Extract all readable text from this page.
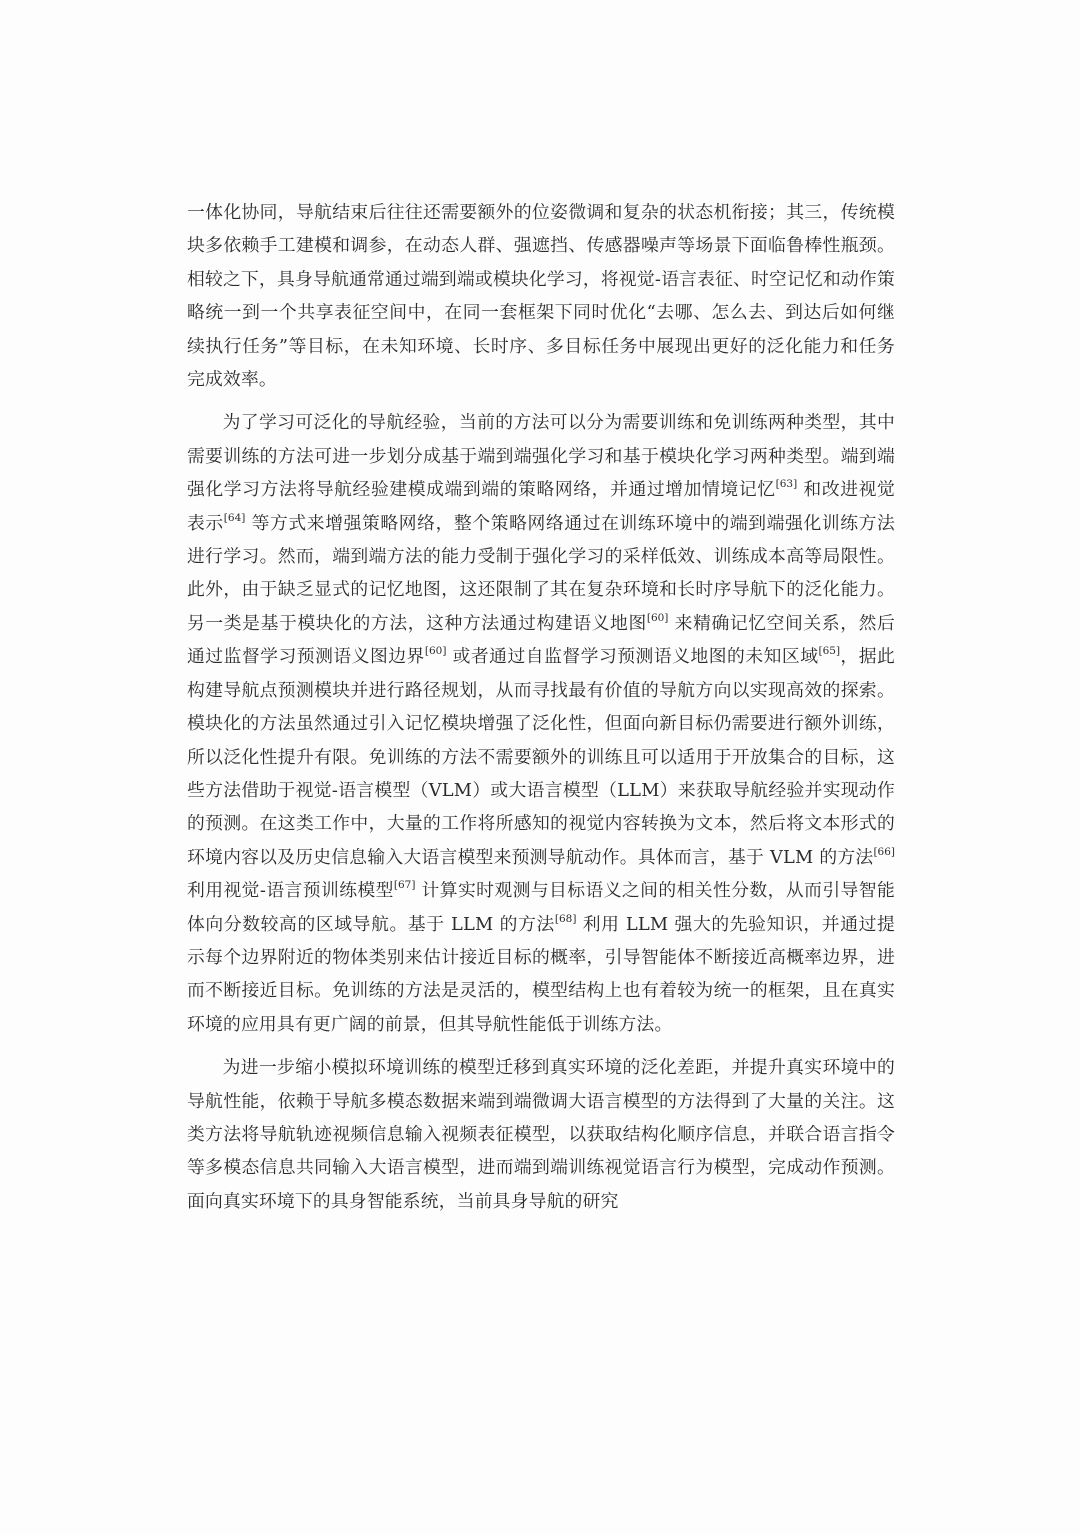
一体化协同，导航结束后往往还需要额外的位姿微调和复杂的状态机衔接；其三，传统模块多依赖手工建模和调参，在动态人群、强遮挡、传感器噪声等场景下面临鲁棒性瓶颈。相较之下，具身导航通常通过端到端或模块化学习，将视觉-语言表征、时空记忆和动作策略统一到一个共享表征空间中，在同一套框架下同时优化“去哪、怎么去、到达后如何继续执行任务”等目标，在未知环境、长时序、多目标任务中展现出更好的泛化能力和任务完成效率。

为了学习可泛化的导航经验，当前的方法可以分为需要训练和免训练两种类型，其中需要训练的方法可进一步划分成基于端到端强化学习和基于模块化学习两种类型。端到端强化学习方法将导航经验建模成端到端的策略网络，并通过增加情境记忆[63] 和改进视觉表示[64] 等方式来增强策略网络，整个策略网络通过在训练环境中的端到端强化训练方法进行学习。然而，端到端方法的能力受制于强化学习的采样低效、训练成本高等局限性。此外，由于缺乏显式的记忆地图，这还限制了其在复杂环境和长时序导航下的泛化能力。另一类是基于模块化的方法，这种方法通过构建语义地图[60] 来精确记忆空间关系，然后通过监督学习预测语义图边界[60] 或者通过自监督学习预测语义地图的未知区域[65]，据此构建导航点预测模块并进行路径规划，从而寻找最有价值的导航方向以实现高效的探索。模块化的方法虽然通过引入记忆模块增强了泛化性，但面向新目标仍需要进行额外训练，所以泛化性提升有限。免训练的方法不需要额外的训练且可以适用于开放集合的目标，这些方法借助于视觉-语言模型（VLM）或大语言模型（LLM）来获取导航经验并实现动作的预测。在这类工作中，大量的工作将所感知的视觉内容转换为文本，然后将文本形式的环境内容以及历史信息输入大语言模型来预测导航动作。具体而言，基于 VLM 的方法[66] 利用视觉-语言预训练模型[67] 计算实时观测与目标语义之间的相关性分数，从而引导智能体向分数较高的区域导航。基于 LLM 的方法[68] 利用 LLM 强大的先验知识，并通过提示每个边界附近的物体类别来估计接近目标的概率，引导智能体不断接近高概率边界，进而不断接近目标。免训练的方法是灵活的，模型结构上也有着较为统一的框架，且在真实环境的应用具有更广阔的前景，但其导航性能低于训练方法。

为进一步缩小模拟环境训练的模型迁移到真实环境的泛化差距，并提升真实环境中的导航性能，依赖于导航多模态数据来端到端微调大语言模型的方法得到了大量的关注。这类方法将导航轨迹视频信息输入视频表征模型，以获取结构化顺序信息，并联合语言指令等多模态信息共同输入大语言模型，进而端到端训练视觉语言行为模型，完成动作预测。面向真实环境下的具身智能系统，当前具身导航的研究
